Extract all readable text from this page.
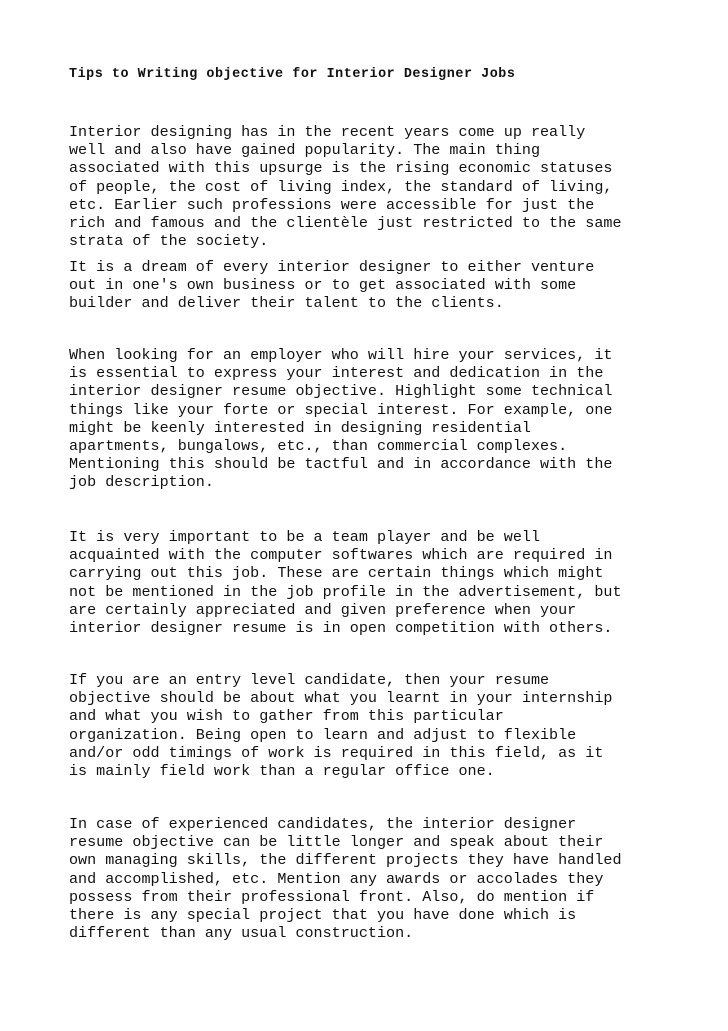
Tips to Writing objective for Interior Designer Jobs

Interior designing has in the recent years come up really
well and also have gained popularity. The main thing
associated with this upsurge is the rising economic statuses
of people, the cost of living index, the standard of living,
etc. Earlier such professions were accessible for just the
rich and famous and the clientèle just restricted to the same
strata of the society.

It is a dream of every interior designer to either venture
out in one's own business or to get associated with some
builder and deliver their talent to the clients.

When looking for an employer who will hire your services, it
is essential to express your interest and dedication in the
interior designer resume objective. Highlight some technical
things like your forte or special interest. For example, one
might be keenly interested in designing residential
apartments, bungalows, etc., than commercial complexes.
Mentioning this should be tactful and in accordance with the
job description.

It is very important to be a team player and be well
acquainted with the computer softwares which are required in
carrying out this job. These are certain things which might
not be mentioned in the job profile in the advertisement, but
are certainly appreciated and given preference when your
interior designer resume is in open competition with others.

If you are an entry level candidate, then your resume
objective should be about what you learnt in your internship
and what you wish to gather from this particular
organization. Being open to learn and adjust to flexible
and/or odd timings of work is required in this field, as it
is mainly field work than a regular office one.

In case of experienced candidates, the interior designer
resume objective can be little longer and speak about their
own managing skills, the different projects they have handled
and accomplished, etc. Mention any awards or accolades they
possess from their professional front. Also, do mention if
there is any special project that you have done which is
different than any usual construction.
